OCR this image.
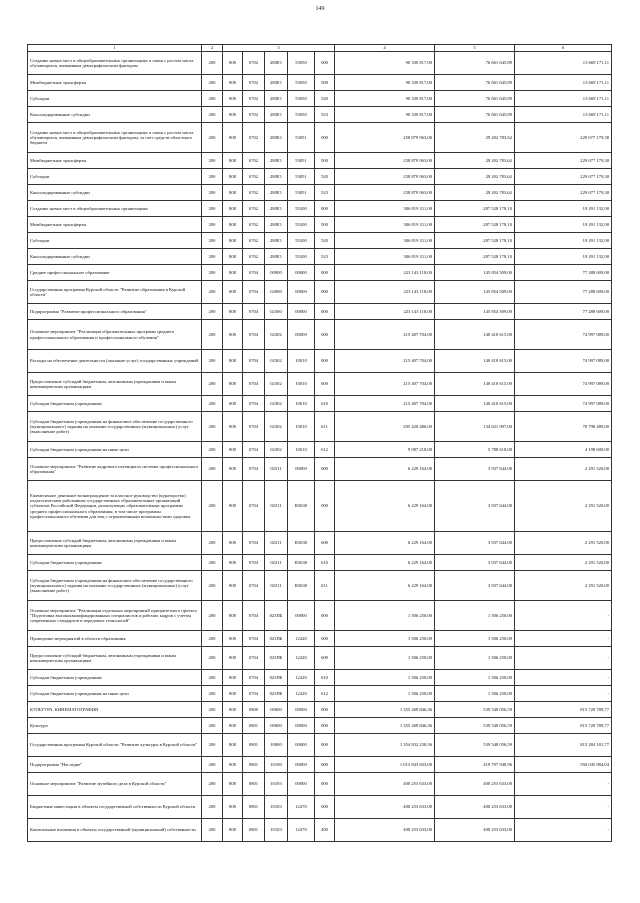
149
1	2	3					4	5	6
Создание новых мест в общеобразовательных организациях в связи с ростом числа обучающихся, вызванным демографическим фактором	200	808	0702	280E1	53050	000	90 330 817,00	76 661 645,89	13 669 171,11
Межбюджетные трансферты	200	808	0702	280E1	53050	500	90 330 817,00	76 661 645,89	13 669 171,11
Субсидии	200	808	0702	280E1	53050	520	90 330 817,00	76 661 645,89	13 669 171,11
Консолидированные субсидии	200	808	0702	280E1	53050	523	90 330 817,00	76 661 645,89	13 669 171,11
Создание новых мест в общеобразовательных организациях в связи с ростом числа обучающихся, вызванным демографическим фактором, за счет средств областного бюджета	200	808	0702	280E1	53051	000	258 879 963,00	29 202 783,62	229 677 179,38
Межбюджетные трансферты	200	808	0702	280E1	53051	500	258 879 963,00	29 202 783,62	229 677 179,38
Субсидии	200	808	0702	280E1	53051	520	258 879 963,00	29 202 783,62	229 677 179,38
Консолидированные субсидии	200	808	0702	280E1	53051	523	258 879 963,00	29 202 783,62	229 677 179,38
Создание новых мест в общеобразовательных организациях	200	808	0702	280E1	55200	000	306 819 311,00	287 528 178,10	19 291 132,90
Межбюджетные трансферты	200	808	0702	280E1	55200	500	306 819 311,00	287 528 178,10	19 291 132,90
Субсидии	200	808	0702	280E1	55200	520	306 819 311,00	287 528 178,10	19 291 132,90
Консолидированные субсидии	200	808	0702	280E1	55200	523	306 819 311,00	287 528 178,10	19 291 132,90
Среднее профессиональное образование	200	808	0704	00000	00000	000	223 143 118,00	145 854 509,00	77 288 609,00
Государственная программа Курской области "Развитие образования в Курской области"	200	808	0704	02000	00000	000	223 143 118,00	145 854 509,00	77 288 609,00
Подпрограмма "Развитие профессионального образования"	200	808	0704	02300	00000	000	223 143 118,00	145 854 509,00	77 288 609,00
Основное мероприятие "Реализация образовательных программ среднего профессионального образования и профессионального обучения"	200	808	0704	02302	00000	000	215 407 704,00	140 410 615,00	74 997 089,00
Расходы на обеспечение деятельности (оказание услуг) государственных учреждений	200	808	0704	02302	10010	000	215 407 704,00	140 410 615,00	74 997 089,00
Предоставление субсидий бюджетным, автономным учреждениям и иным некоммерческим организациям	200	808	0704	02302	10010	600	215 407 704,00	140 410 615,00	74 997 089,00
Субсидии бюджетным учреждениям	200	808	0704	02302	10010	610	215 407 704,00	140 410 615,00	74 997 089,00
Субсидии бюджетным учреждениям на финансовое обеспечение государственного (муниципального) задания на оказание государственных (муниципальных) услуг (выполнение работ)	200	808	0704	02302	10010	611	205 420 486,00	134 621 997,00	70 798 489,00
Субсидии бюджетным учреждениям на иные цели	200	808	0704	02302	10010	612	9 987 218,00	5 788 618,00	4 198 600,00
Основное мероприятие "Развитие кадрового потенциала системы профессионального образования"	200	808	0704	02311	00000	000	6 229 164,00	3 937 644,00	2 291 520,00
Ежемесячное денежное вознаграждение за классное руководство (кураторство) педагогическим работникам государственных образовательных организаций субъектов Российской Федерации, реализующих образовательные программы среднего профессионального образования, в том числе программы профессионального обучения для лиц с ограниченными возможностями здоровья	200	808	0704	02311	R3630	000	6 229 164,00	3 937 644,00	2 291 520,00
Предоставление субсидий бюджетным, автономным учреждениям и иным некоммерческим организациям	200	808	0704	02311	R3630	600	6 229 164,00	3 937 644,00	2 291 520,00
Субсидии бюджетным учреждениям	200	808	0704	02311	R3630	610	6 229 164,00	3 937 644,00	2 291 520,00
Субсидии бюджетным учреждениям на финансовое обеспечение государственного (муниципального) задания на оказание государственных (муниципальных) услуг (выполнение работ)	200	808	0704	02311	R3630	611	6 229 164,00	3 937 644,00	2 291 520,00
Основное мероприятие "Реализация отдельных мероприятий приоритетного проекта "Подготовка высококвалифицированных специалистов и рабочих кадров с учетом современных стандартов и передовых технологий"	200	808	0704	023ПБ	00000	000	1 506 250,00	1 506 250,00	-
Проведение мероприятий в области образования	200	808	0704	023ПБ	12420	000	1 506 250,00	1 506 250,00	-
Предоставление субсидий бюджетным, автономным учреждениям и иным некоммерческим организациям	200	808	0704	023ПБ	12420	600	1 506 250,00	1 506 250,00	-
Субсидии бюджетным учреждениям	200	808	0704	023ПБ	12420	610	1 506 250,00	1 506 250,00	-
Субсидии бюджетным учреждениям на иные цели	200	808	0704	023ПБ	12420	612	1 506 250,00	1 506 250,00	-
КУЛЬТУРА, КИНЕМАТОГРАФИЯ	200	808	0800	00000	00000	000	1 355 268 846,36	539 548 056,59	815 720 789,77
Культура	200	808	0801	00000	00000	000	1 355 268 846,36	539 548 056,59	815 720 789,77
Государственная программа Курской области "Развитие культуры в Курской области"	200	808	0801	10000	00000	000	1 354 832 238,36	539 548 056,59	815 284 181,77
Подпрограмма "Наследие"	200	808	0801	10100	00000	000	1 013 843 833,00	419 797 948,96	594 045 884,04
Основное мероприятие "Развитие музейного дела в Курской области"	200	808	0801	10103	00000	000	400 253 633,00	400 253 633,00	-
Бюджетные инвестиции в объекты государственной собственности Курской области	200	808	0801	10103	12470	000	400 253 633,00	400 253 633,00	-
Капитальные вложения в объекты государственной (муниципальной) собственности	200	808	0801	10103	12470	400	400 253 633,00	400 253 633,00	-
